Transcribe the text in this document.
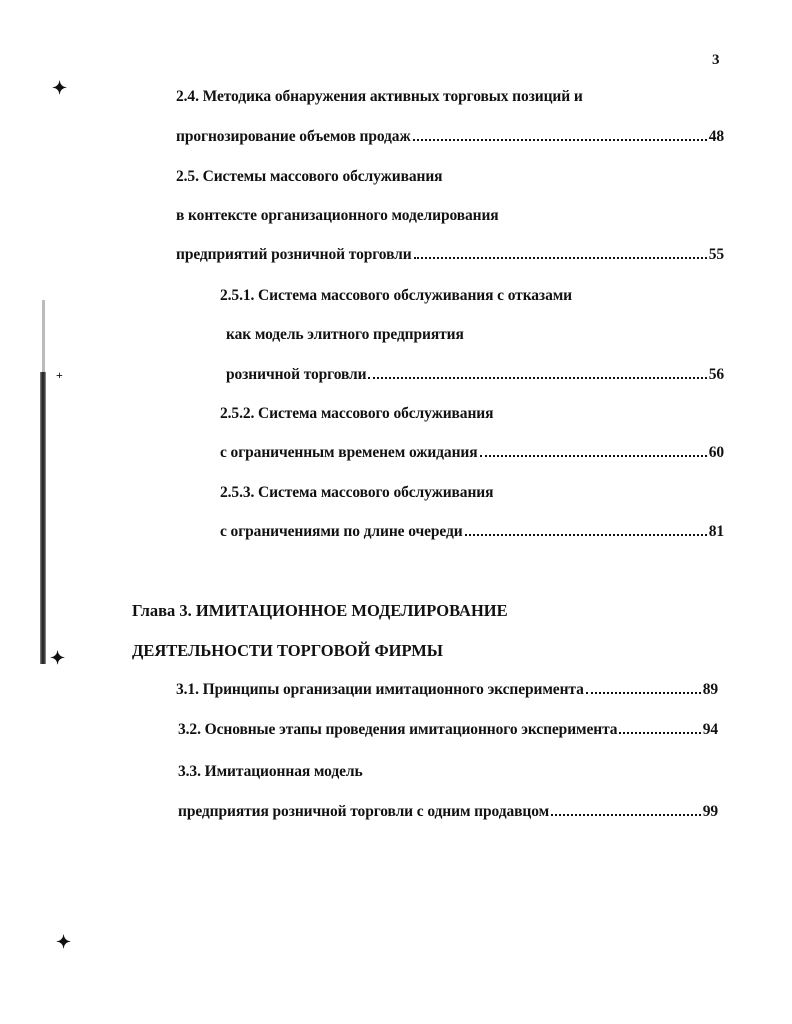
✦
+
✦
✦
3
2.4. Методика обнаружения активных торговых позиций и
прогнозирование объемов продаж	48
2.5. Системы массового обслуживания
в контексте организационного моделирования
предприятий розничной торговли	55
2.5.1. Система массового обслуживания с отказами
как модель элитного предприятия
розничной торговли	56
2.5.2. Система массового обслуживания
с ограниченным временем ожидания	60
2.5.3. Система массового обслуживания
с ограничениями по длине очереди	81
Глава 3. ИМИТАЦИОННОЕ МОДЕЛИРОВАНИЕ
ДЕЯТЕЛЬНОСТИ ТОРГОВОЙ ФИРМЫ
3.1. Принципы организации имитационного эксперимента	89
3.2. Основные этапы проведения имитационного эксперимента	94
3.3. Имитационная модель
предприятия розничной торговли с одним продавцом	99
